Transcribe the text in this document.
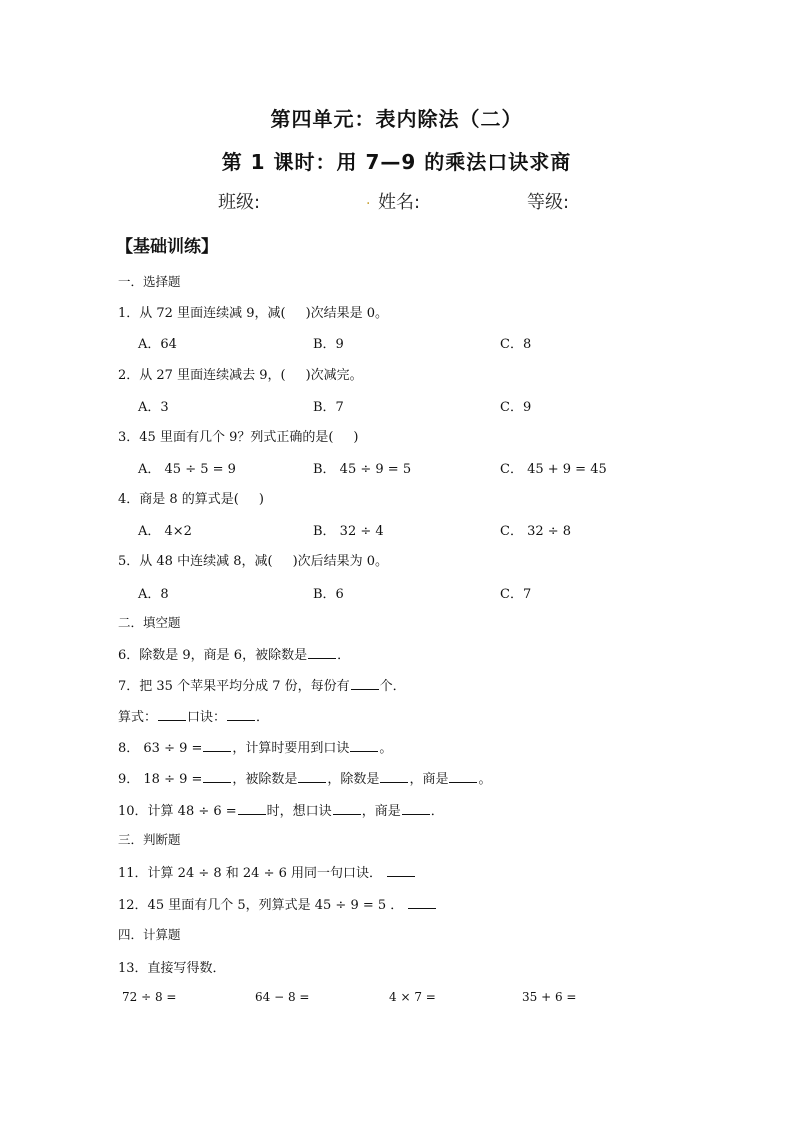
第四单元：表内除法（二）
第 1 课时：用 7—9 的乘法口诀求商
班级:	. 姓名:	等级:
【基础训练】
一．选择题
1．从 72 里面连续减 9，减( )次结果是 0。
A．64	B．9	C．8
2．从 27 里面连续减去 9，( )次减完。
A．3	B．7	C．9
3．45 里面有几个 9？列式正确的是( )
A． 45 ÷ 5 = 9	B． 45 ÷ 9 = 5	C． 45 + 9 = 45
4．商是 8 的算式是( )
A． 4×2	B． 32 ÷ 4	C． 32 ÷ 8
5．从 48 中连续减 8，减( )次后结果为 0。
A．8	B．6	C．7
二．填空题
6．除数是 9，商是 6，被除数是 ．
7．把 35 个苹果平均分成 7 份，每份有 个．
算式： 口诀： ．
8． 63 ÷ 9 = ，计算时要用到口诀 。
9． 18 ÷ 9 = ，被除数是 ，除数是 ，商是 。
10．计算 48 ÷ 6 = 时，想口诀 ，商是 ．
三．判断题
11．计算 24 ÷ 8 和 24 ÷ 6 用同一句口诀．
12．45 里面有几个 5，列算式是 45 ÷ 9 = 5 ．
四．计算题
13．直接写得数．
72 ÷ 8 =	64 − 8 =	4 × 7 =	35 + 6 =
